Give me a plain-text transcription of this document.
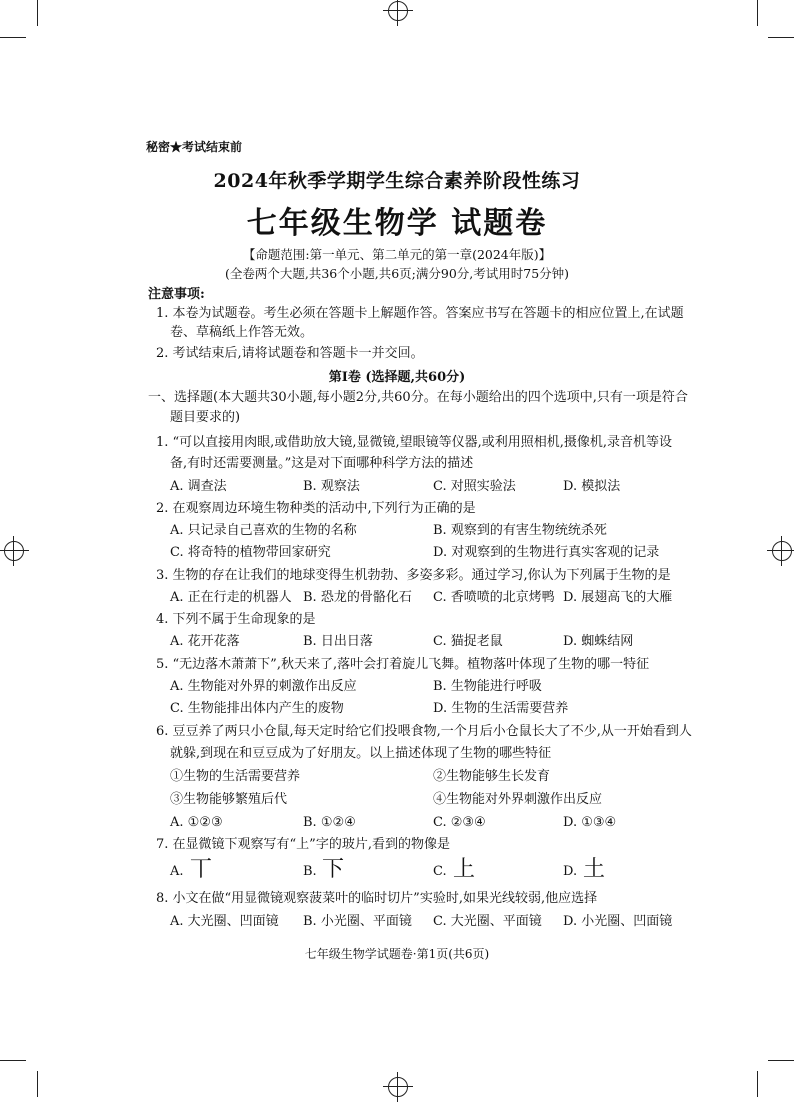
秘密★考试结束前
2024年秋季学期学生综合素养阶段性练习
七年级生物学 试题卷
【命题范围:第一单元、第二单元的第一章(2024年版)】
(全卷两个大题,共36个小题,共6页;满分90分,考试用时75分钟)
注意事项:
1. 本卷为试题卷。考生必须在答题卡上解题作答。答案应书写在答题卡的相应位置上,在试题
卷、草稿纸上作答无效。
2. 考试结束后,请将试题卷和答题卡一并交回。
第Ⅰ卷 (选择题,共60分)
一、选择题(本大题共30小题,每小题2分,共60分。在每小题给出的四个选项中,只有一项是符合
题目要求的)
1. “可以直接用肉眼,或借助放大镜,显微镜,望眼镜等仪器,或利用照相机,摄像机,录音机等设
备,有时还需要测量。”这是对下面哪种科学方法的描述
A. 调查法	B. 观察法	C. 对照实验法	D. 模拟法
2. 在观察周边环境生物种类的活动中,下列行为正确的是
A. 只记录自己喜欢的生物的名称	B. 观察到的有害生物统统杀死
C. 将奇特的植物带回家研究	D. 对观察到的生物进行真实客观的记录
3. 生物的存在让我们的地球变得生机勃勃、多姿多彩。通过学习,你认为下列属于生物的是
A. 正在行走的机器人 B. 恐龙的骨骼化石 C. 香喷喷的北京烤鸭 D. 展翅高飞的大雁
4. 下列不属于生命现象的是
A. 花开花落	B. 日出日落	C. 猫捉老鼠	D. 蜘蛛结网
5. “无边落木萧萧下”,秋天来了,落叶会打着旋儿飞舞。植物落叶体现了生物的哪一特征
A. 生物能对外界的刺激作出反应	B. 生物能进行呼吸
C. 生物能排出体内产生的废物	D. 生物的生活需要营养
6. 豆豆养了两只小仓鼠,每天定时给它们投喂食物,一个月后小仓鼠长大了不少,从一开始看到人
就躲,到现在和豆豆成为了好朋友。以上描述体现了生物的哪些特征
①生物的生活需要营养	②生物能够生长发育
③生物能够繁殖后代	④生物能对外界刺激作出反应
A. ①②③	B. ①②④	C. ②③④	D. ①③④
7. 在显微镜下观察写有“上”字的玻片,看到的物像是
A. 丅	B. 下	C. 上	D. 土
8. 小文在做“用显微镜观察菠菜叶的临时切片”实验时,如果光线较弱,他应选择
A. 大光圈、凹面镜 B. 小光圈、平面镜 C. 大光圈、平面镜 D. 小光圈、凹面镜
七年级生物学试题卷·第1页(共6页)
